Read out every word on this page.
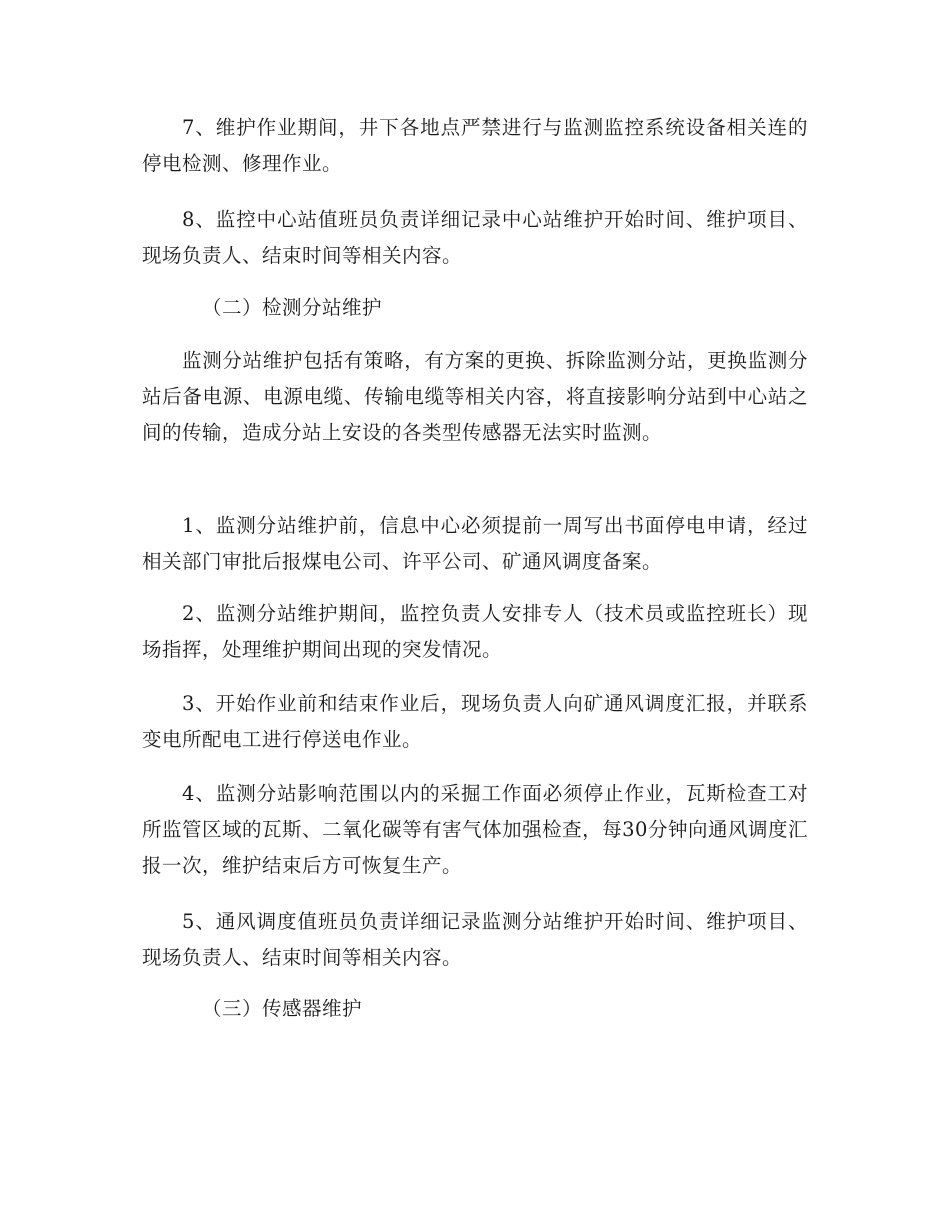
7、维护作业期间，井下各地点严禁进行与监测监控系统设备相关连的停电检测、修理作业。

8、监控中心站值班员负责详细记录中心站维护开始时间、维护项目、现场负责人、结束时间等相关内容。

（二）检测分站维护

监测分站维护包括有策略，有方案的更换、拆除监测分站，更换监测分站后备电源、电源电缆、传输电缆等相关内容，将直接影响分站到中心站之间的传输，造成分站上安设的各类型传感器无法实时监测。

1、监测分站维护前，信息中心必须提前一周写出书面停电申请，经过相关部门审批后报煤电公司、许平公司、矿通风调度备案。

2、监测分站维护期间，监控负责人安排专人（技术员或监控班长）现场指挥，处理维护期间出现的突发情况。

3、开始作业前和结束作业后，现场负责人向矿通风调度汇报，并联系变电所配电工进行停送电作业。

4、监测分站影响范围以内的采掘工作面必须停止作业，瓦斯检查工对所监管区域的瓦斯、二氧化碳等有害气体加强检查，每30分钟向通风调度汇报一次，维护结束后方可恢复生产。

5、通风调度值班员负责详细记录监测分站维护开始时间、维护项目、现场负责人、结束时间等相关内容。

（三）传感器维护
